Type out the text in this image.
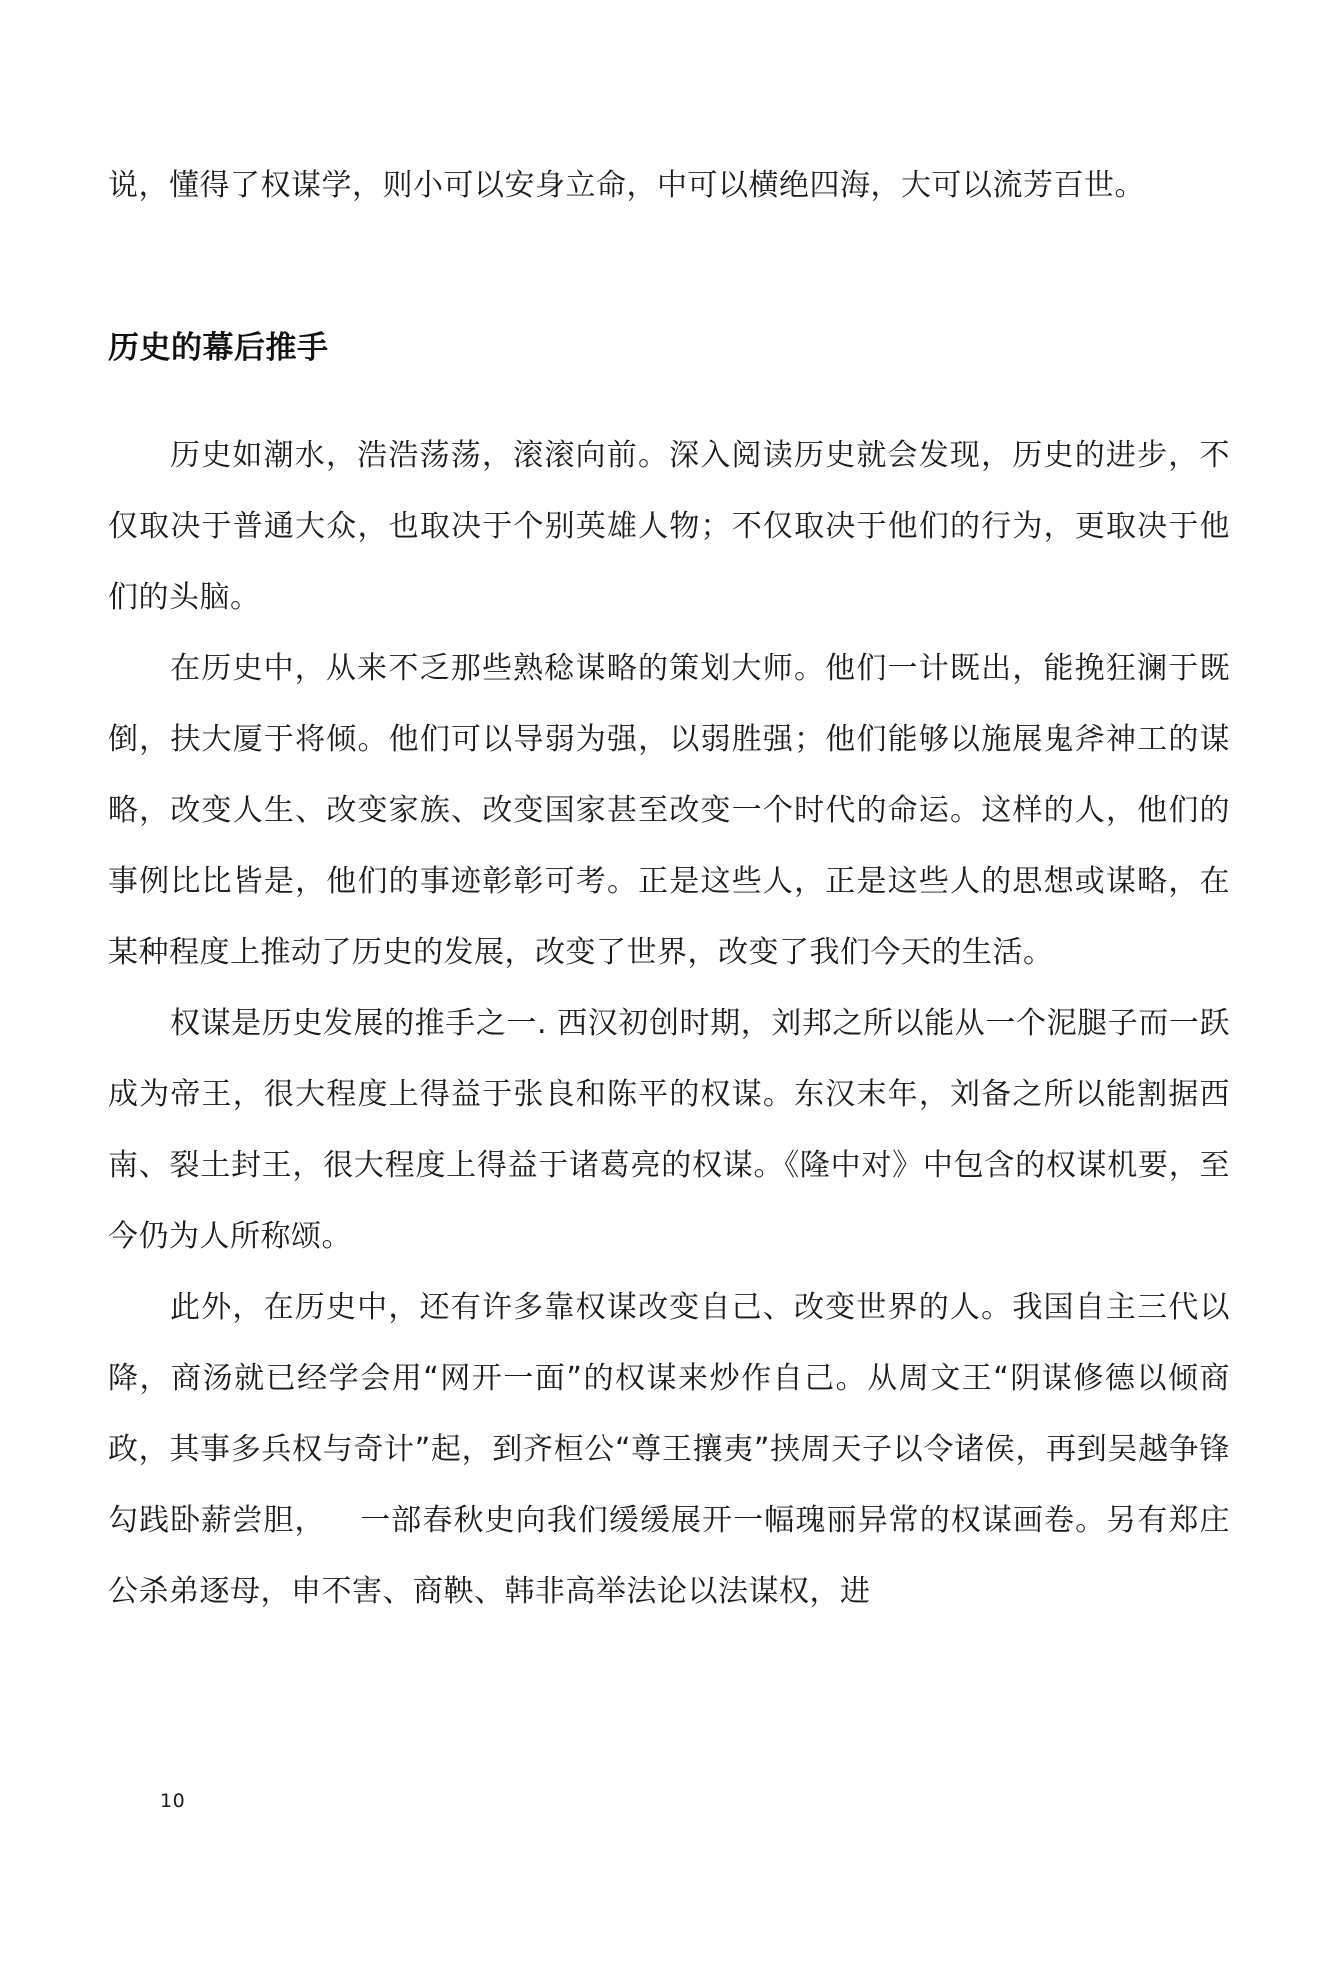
说，懂得了权谋学，则小可以安身立命，中可以横绝四海，大可以流芳百世。

历史的幕后推手

历史如潮水，浩浩荡荡，滚滚向前。深入阅读历史就会发现，历史的进步，不仅取决于普通大众，也取决于个别英雄人物；不仅取决于他们的行为，更取决于他们的头脑。

在历史中，从来不乏那些熟稔谋略的策划大师。他们一计既出，能挽狂澜于既倒，扶大厦于将倾。他们可以导弱为强，以弱胜强；他们能够以施展鬼斧神工的谋略，改变人生、改变家族、改变国家甚至改变一个时代的命运。这样的人，他们的事例比比皆是，他们的事迹彰彰可考。正是这些人，正是这些人的思想或谋略，在某种程度上推动了历史的发展，改变了世界，改变了我们今天的生活。

权谋是历史发展的推手之一. 西汉初创时期，刘邦之所以能从一个泥腿子而一跃成为帝王，很大程度上得益于张良和陈平的权谋。东汉末年，刘备之所以能割据西南、裂土封王，很大程度上得益于诸葛亮的权谋。《隆中对》中包含的权谋机要，至今仍为人所称颂。

此外，在历史中，还有许多靠权谋改变自己、改变世界的人。我国自主三代以降，商汤就已经学会用“网开一面”的权谋来炒作自己。从周文王“阴谋修德以倾商政，其事多兵权与奇计”起，到齐桓公“尊王攘夷”挟周天子以令诸侯，再到吴越争锋勾践卧薪尝胆， 一部春秋史向我们缓缓展开一幅瑰丽异常的权谋画卷。另有郑庄公杀弟逐母，申不害、商鞅、韩非高举法论以法谋权，进

10
